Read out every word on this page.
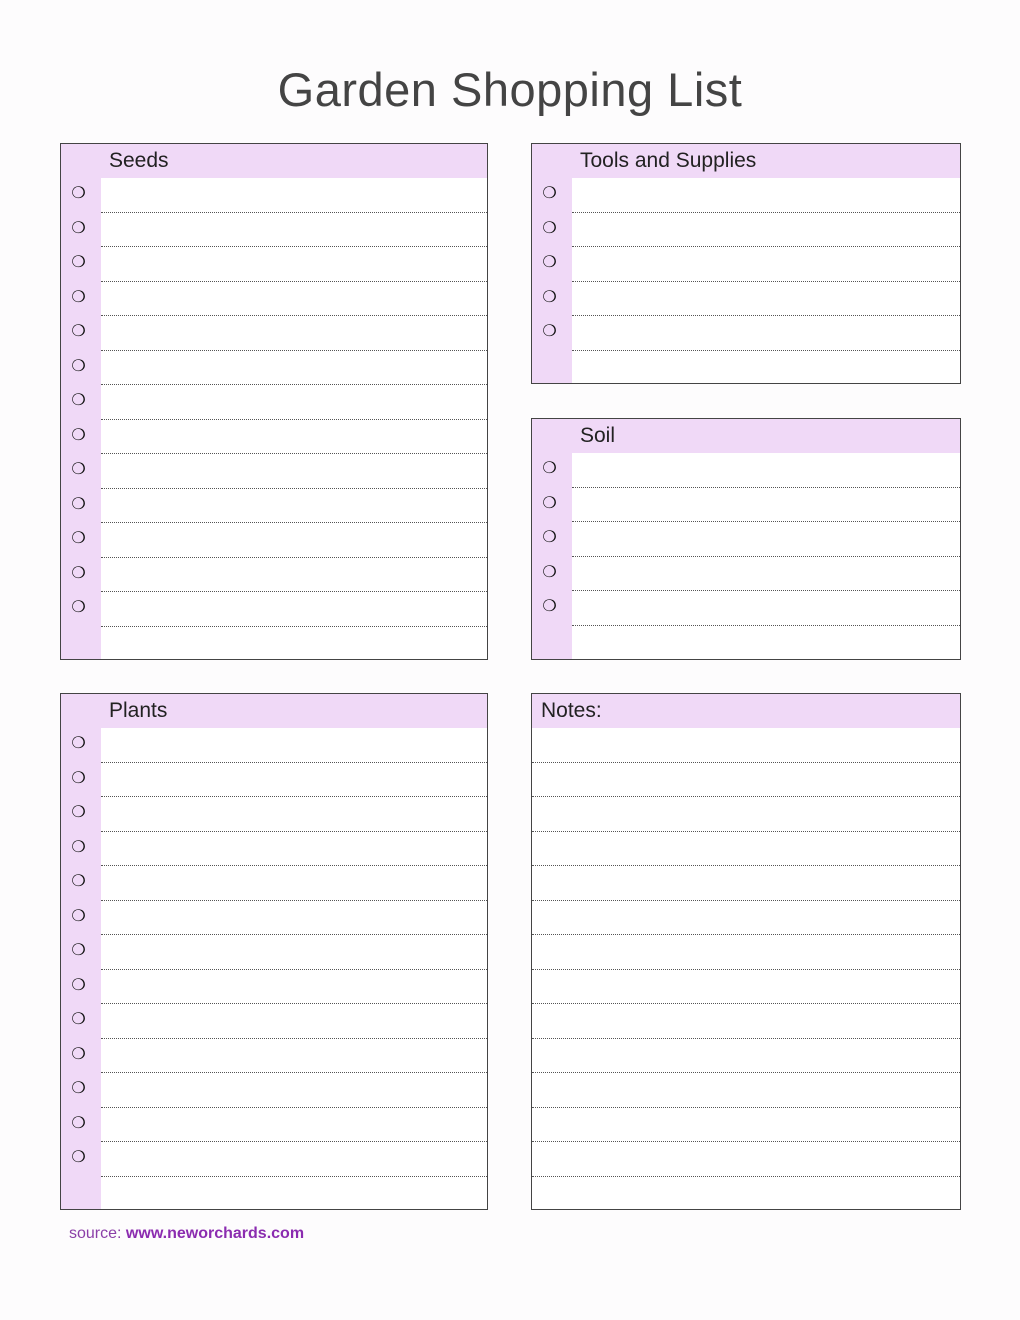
Garden Shopping List
Seeds
❍
❍
❍
❍
❍
❍
❍
❍
❍
❍
❍
❍
❍
Tools and Supplies
❍
❍
❍
❍
❍
Soil
❍
❍
❍
❍
❍
Plants
❍
❍
❍
❍
❍
❍
❍
❍
❍
❍
❍
❍
❍
Notes:
source: www.neworchards.com
